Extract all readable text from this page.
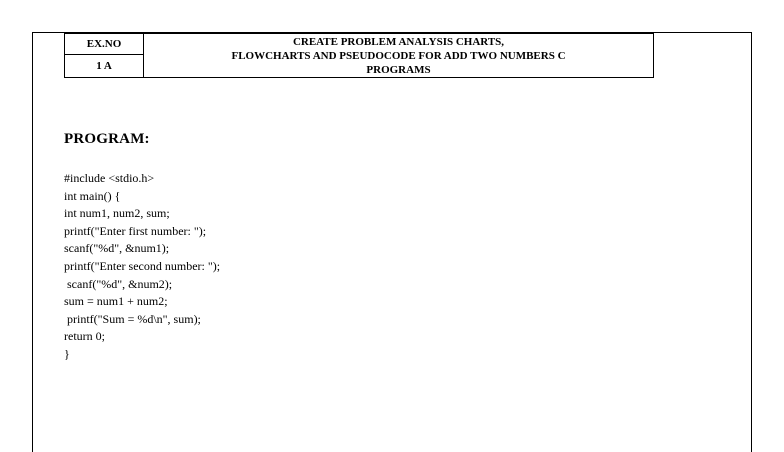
EX.NO	CREATE PROBLEM ANALYSIS CHARTS,
FLOWCHARTS AND PSEUDOCODE FOR ADD TWO NUMBERS C
PROGRAMS

1 A
PROGRAM:
#include <stdio.h>
int main() {
int num1, num2, sum;
printf("Enter first number: ");
scanf("%d", &num1);
printf("Enter second number: ");
scanf("%d", &num2);
sum = num1 + num2;
printf("Sum = %d\n", sum);
return 0;
}
